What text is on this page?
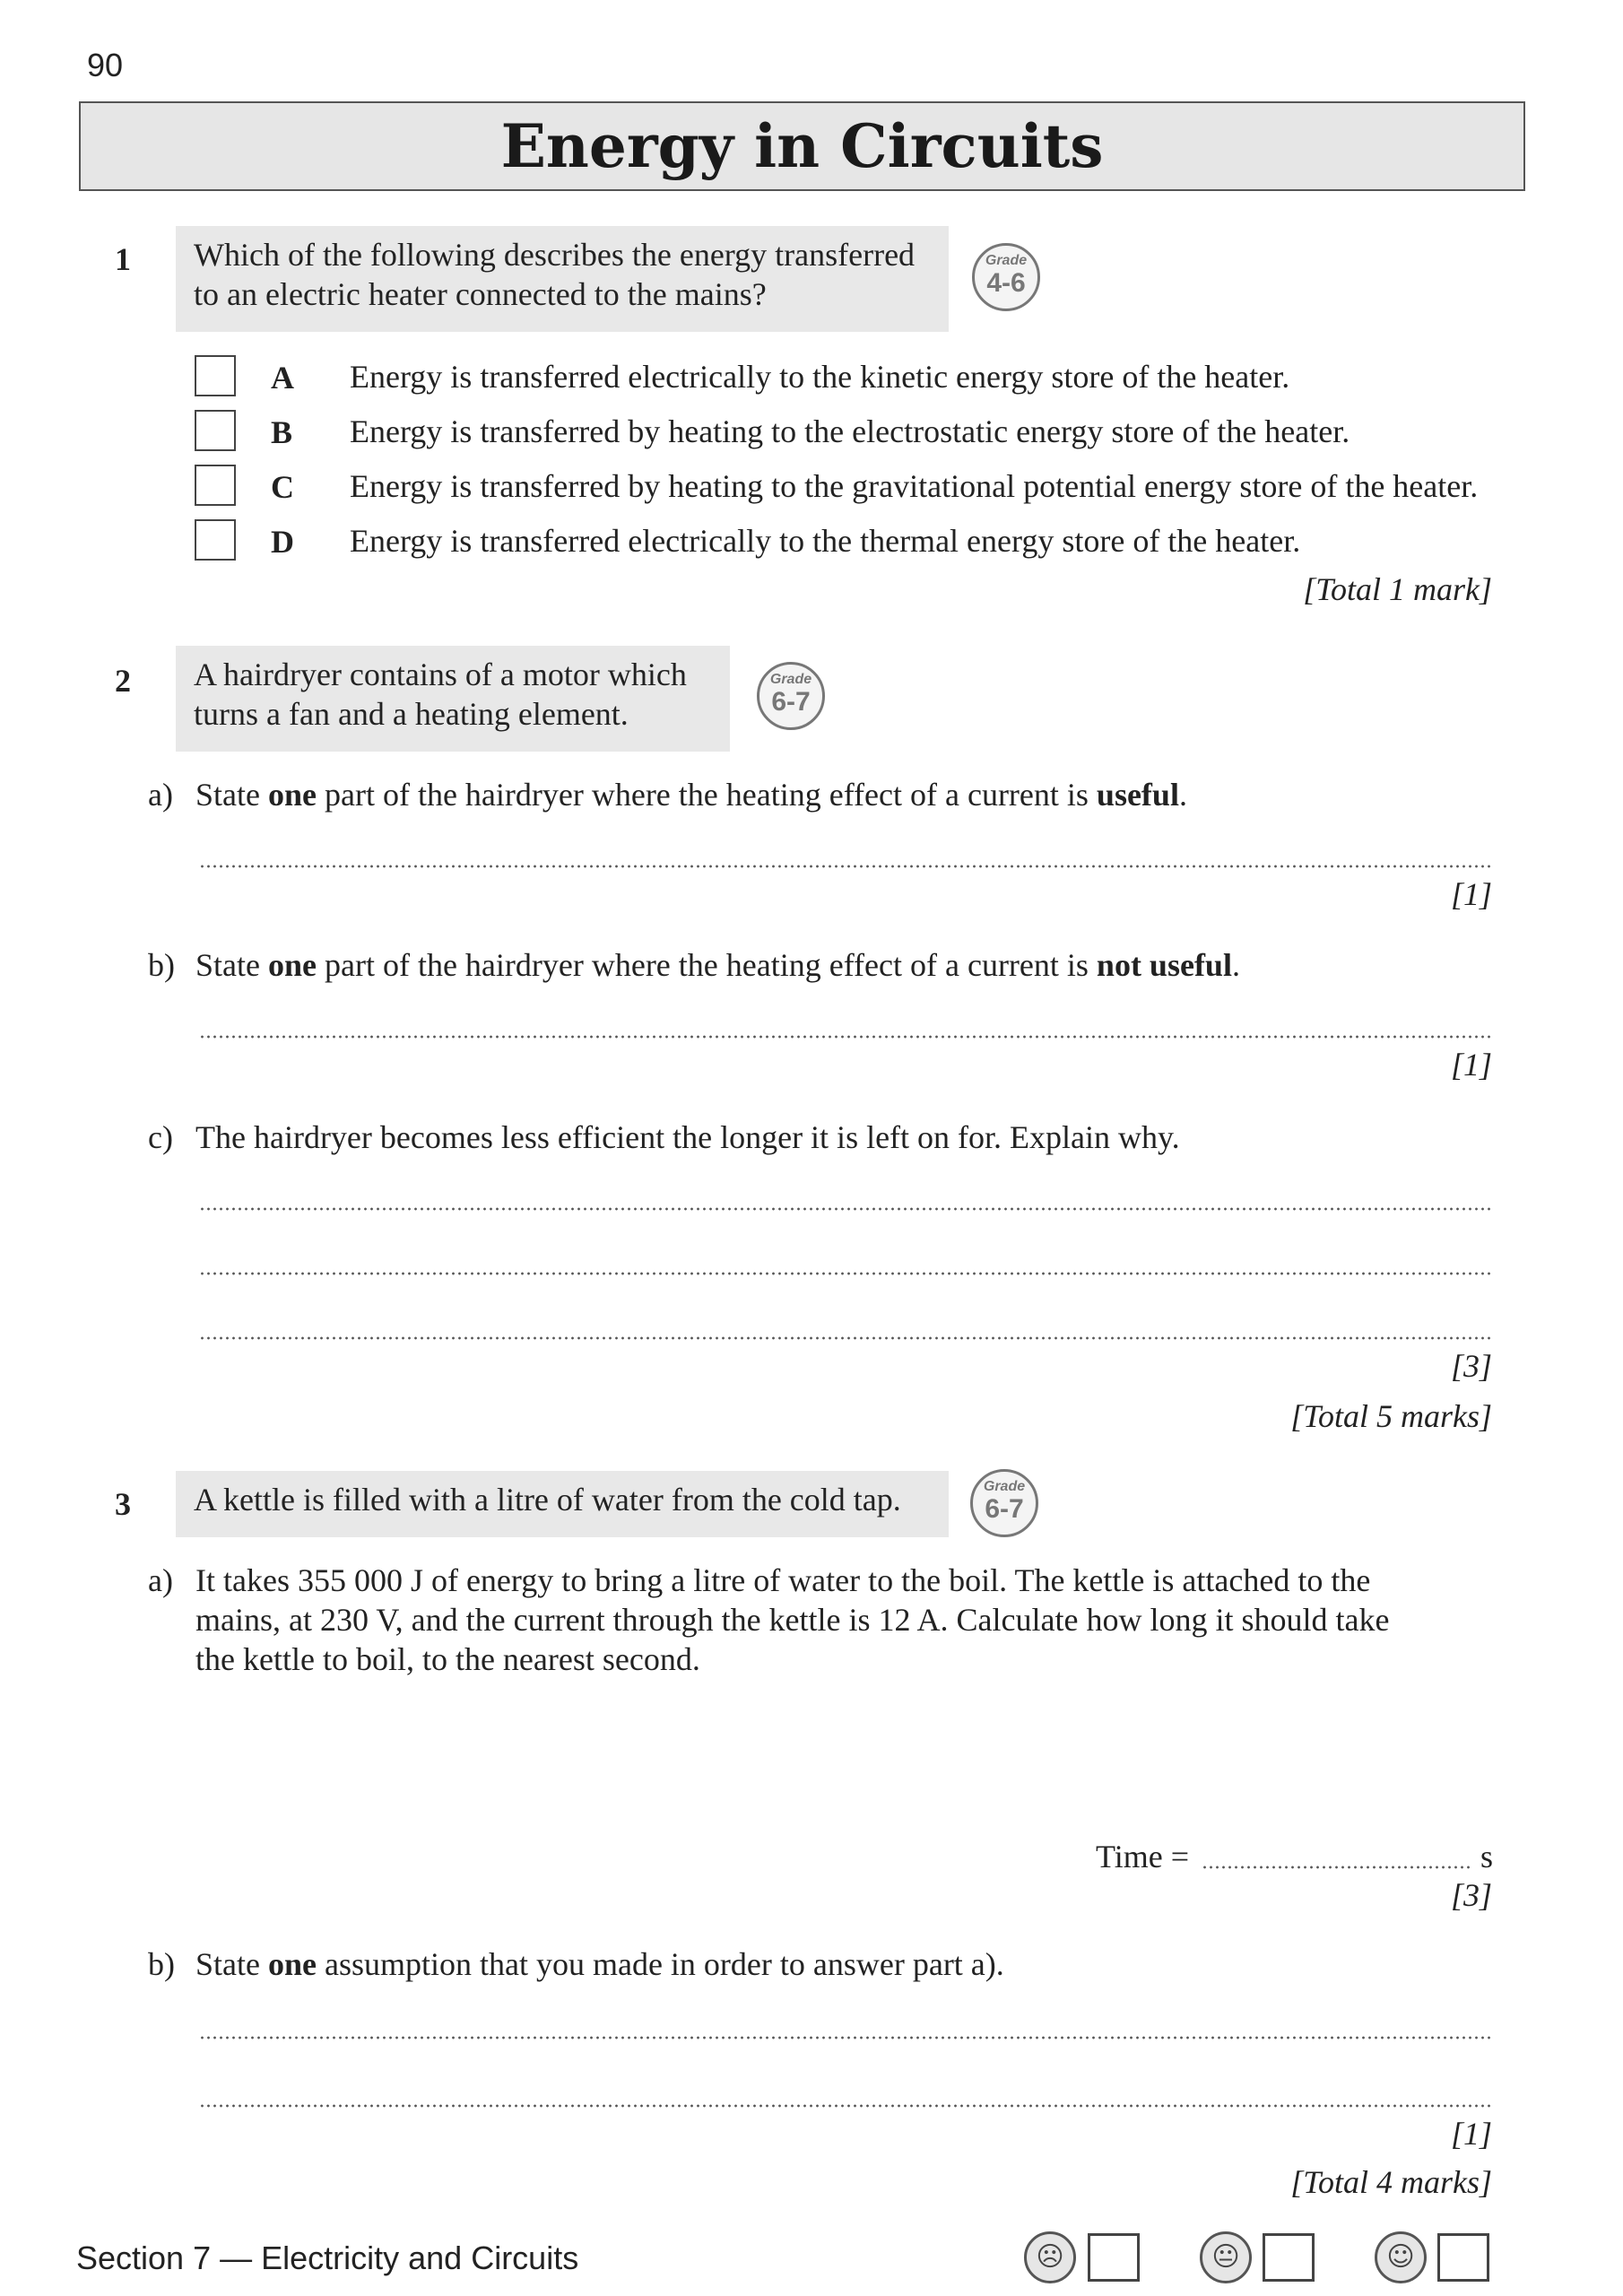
90
Energy in Circuits
1 Which of the following describes the energy transferred
to an electric heater connected to the mains?
Grade
4-6
A Energy is transferred electrically to the kinetic energy store of the heater.
B Energy is transferred by heating to the electrostatic energy store of the heater.
C Energy is transferred by heating to the gravitational potential energy store of the heater.
D Energy is transferred electrically to the thermal energy store of the heater.
[Total 1 mark]
2 A hairdryer contains of a motor which
turns a fan and a heating element.
Grade
6-7
a) State one part of the hairdryer where the heating effect of a current is useful.
[1]
b) State one part of the hairdryer where the heating effect of a current is not useful.
[1]
c) The hairdryer becomes less efficient the longer it is left on for. Explain why.
[3]
[Total 5 marks]
3	A kettle is filled with a litre of water from the cold tap.	Grade
6-7
a) It takes 355 000 J of energy to bring a litre of water to the boil. The kettle is attached to the
mains, at 230 V, and the current through the kettle is 12 A. Calculate how long it should take
the kettle to boil, to the nearest second.
Time =	s
[3]
b) State one assumption that you made in order to answer part a).
[1]
[Total 4 marks]
Section 7 — Electricity and Circuits	☹	😐	☺
